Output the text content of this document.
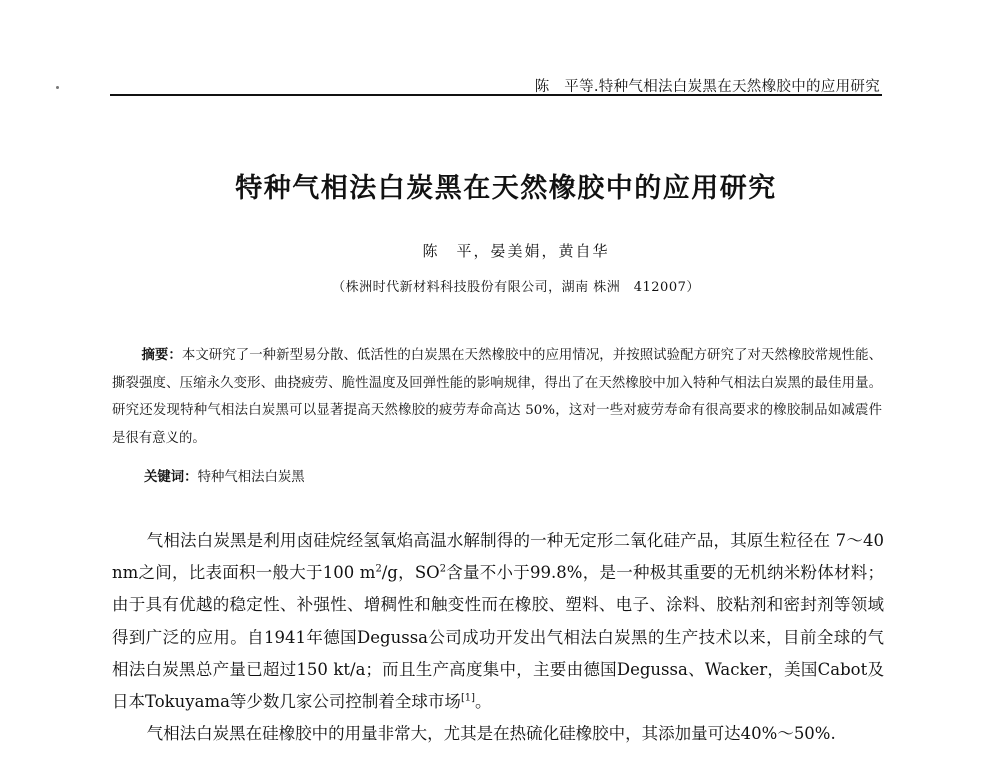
陈　平等.特种气相法白炭黑在天然橡胶中的应用研究
特种气相法白炭黑在天然橡胶中的应用研究
陈　平，晏美娟，黄自华
（株洲时代新材料科技股份有限公司，湖南 株洲　412007）
摘要：本文研究了一种新型易分散、低活性的白炭黑在天然橡胶中的应用情况，并按照试验配方研究了对天然橡胶常规性能、撕裂强度、压缩永久变形、曲挠疲劳、脆性温度及回弹性能的影响规律，得出了在天然橡胶中加入特种气相法白炭黑的最佳用量。研究还发现特种气相法白炭黑可以显著提高天然橡胶的疲劳寿命高达 50%，这对一些对疲劳寿命有很高要求的橡胶制品如减震件是很有意义的。
关键词：特种气相法白炭黑
气相法白炭黑是利用卤硅烷经氢氧焰高温水解制得的一种无定形二氧化硅产品，其原生粒径在 7～40 nm之间，比表面积一般大于100 $m^2/g$，$SO^2$含量不小于99.8%，是一种极其重要的无机纳米粉体材料；由于具有优越的稳定性、补强性、增稠性和触变性而在橡胶、塑料、电子、涂料、胶粘剂和密封剂等领域得到广泛的应用。自1941年德国Degussa公司成功开发出气相法白炭黑的生产技术以来，目前全球的气相法白炭黑总产量已超过150 kt/a；而且生产高度集中，主要由德国Degussa、Wacker，美国Cabot及日本Tokuyama等少数几家公司控制着全球市场[1]。
气相法白炭黑在硅橡胶中的用量非常大，尤其是在热硫化硅橡胶中，其添加量可达40%～50%.
